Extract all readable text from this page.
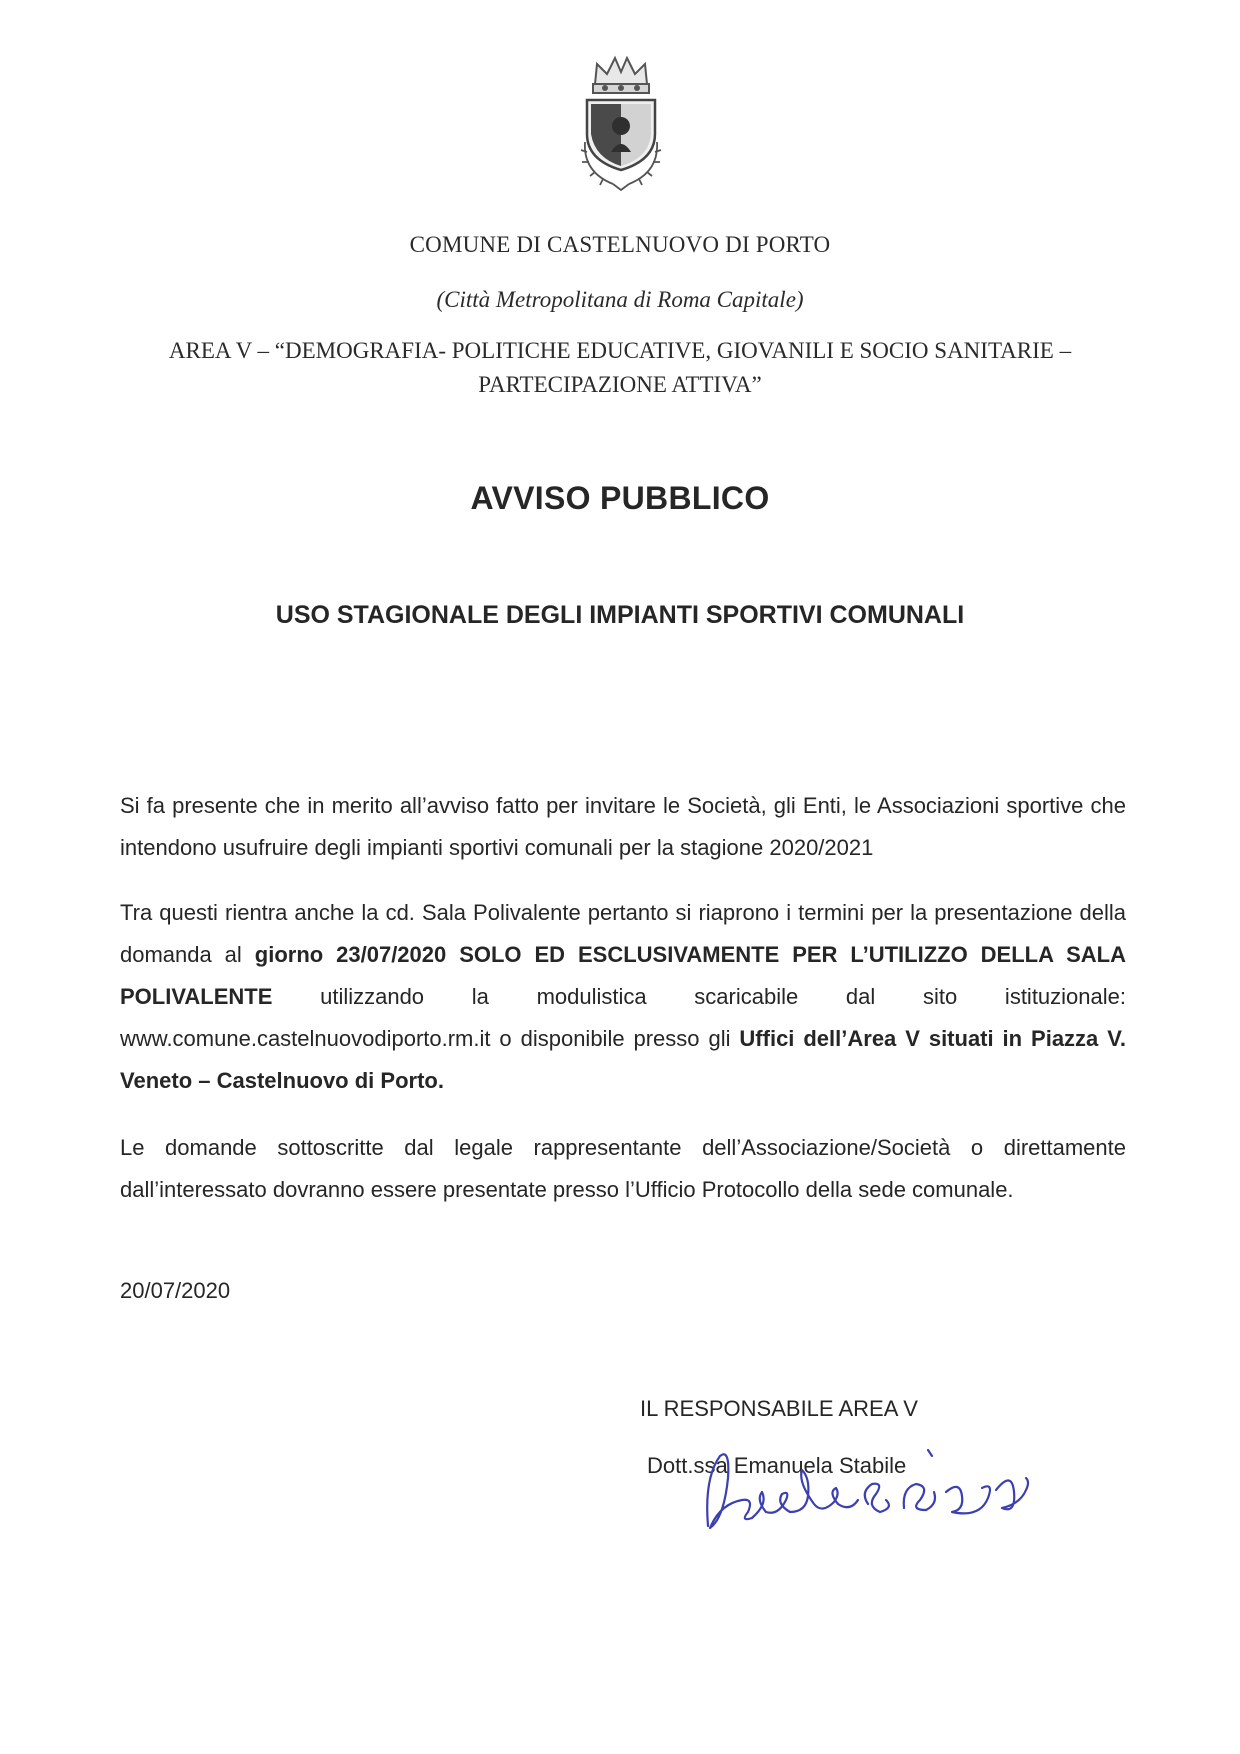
COMUNE DI CASTELNUOVO DI PORTO
(Città Metropolitana di Roma Capitale)
AREA V – “DEMOGRAFIA- POLITICHE EDUCATIVE, GIOVANILI E SOCIO SANITARIE –
PARTECIPAZIONE ATTIVA”
AVVISO PUBBLICO
USO STAGIONALE DEGLI IMPIANTI SPORTIVI COMUNALI
Si fa presente che in merito all’avviso fatto per invitare le Società, gli Enti, le Associazioni sportive che intendono usufruire degli impianti sportivi comunali per la stagione 2020/2021
Tra questi rientra anche la cd. Sala Polivalente pertanto si riaprono i termini per la presentazione della domanda al giorno 23/07/2020 SOLO ED ESCLUSIVAMENTE PER L’UTILIZZO DELLA SALA POLIVALENTE utilizzando la modulistica scaricabile dal sito istituzionale: www.comune.castelnuovodiporto.rm.it o disponibile presso gli Uffici dell’Area V situati in Piazza V. Veneto – Castelnuovo di Porto.
Le domande sottoscritte dal legale rappresentante dell’Associazione/Società o direttamente dall’interessato dovranno essere presentate presso l’Ufficio Protocollo della sede comunale.
20/07/2020
IL RESPONSABILE AREA V
Dott.ssa Emanuela Stabile
